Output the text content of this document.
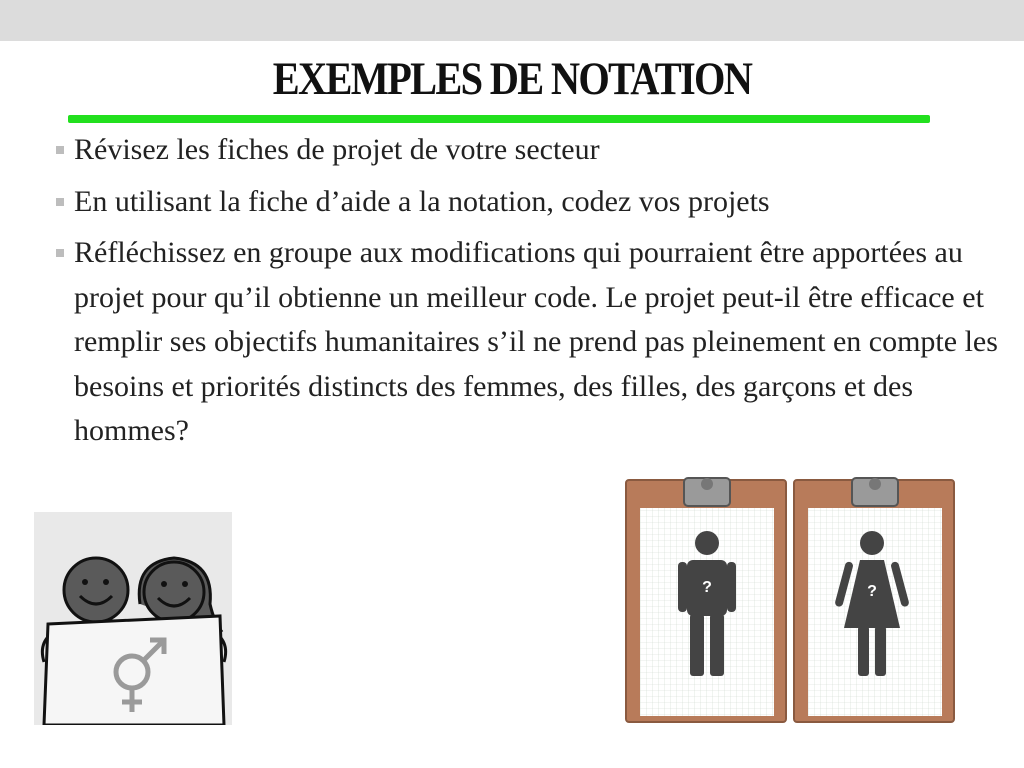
EXEMPLES DE NOTATION
Révisez les fiches de projet de votre secteur
En utilisant la fiche d’aide a la notation, codez vos projets
Réfléchissez en groupe aux modifications qui pourraient être apportées au projet pour qu’il obtienne un meilleur code. Le projet peut-il être efficace et remplir ses objectifs humanitaires s’il ne prend pas pleinement en compte les besoins et priorités distincts des femmes, des filles, des garçons et des hommes?
?	?
